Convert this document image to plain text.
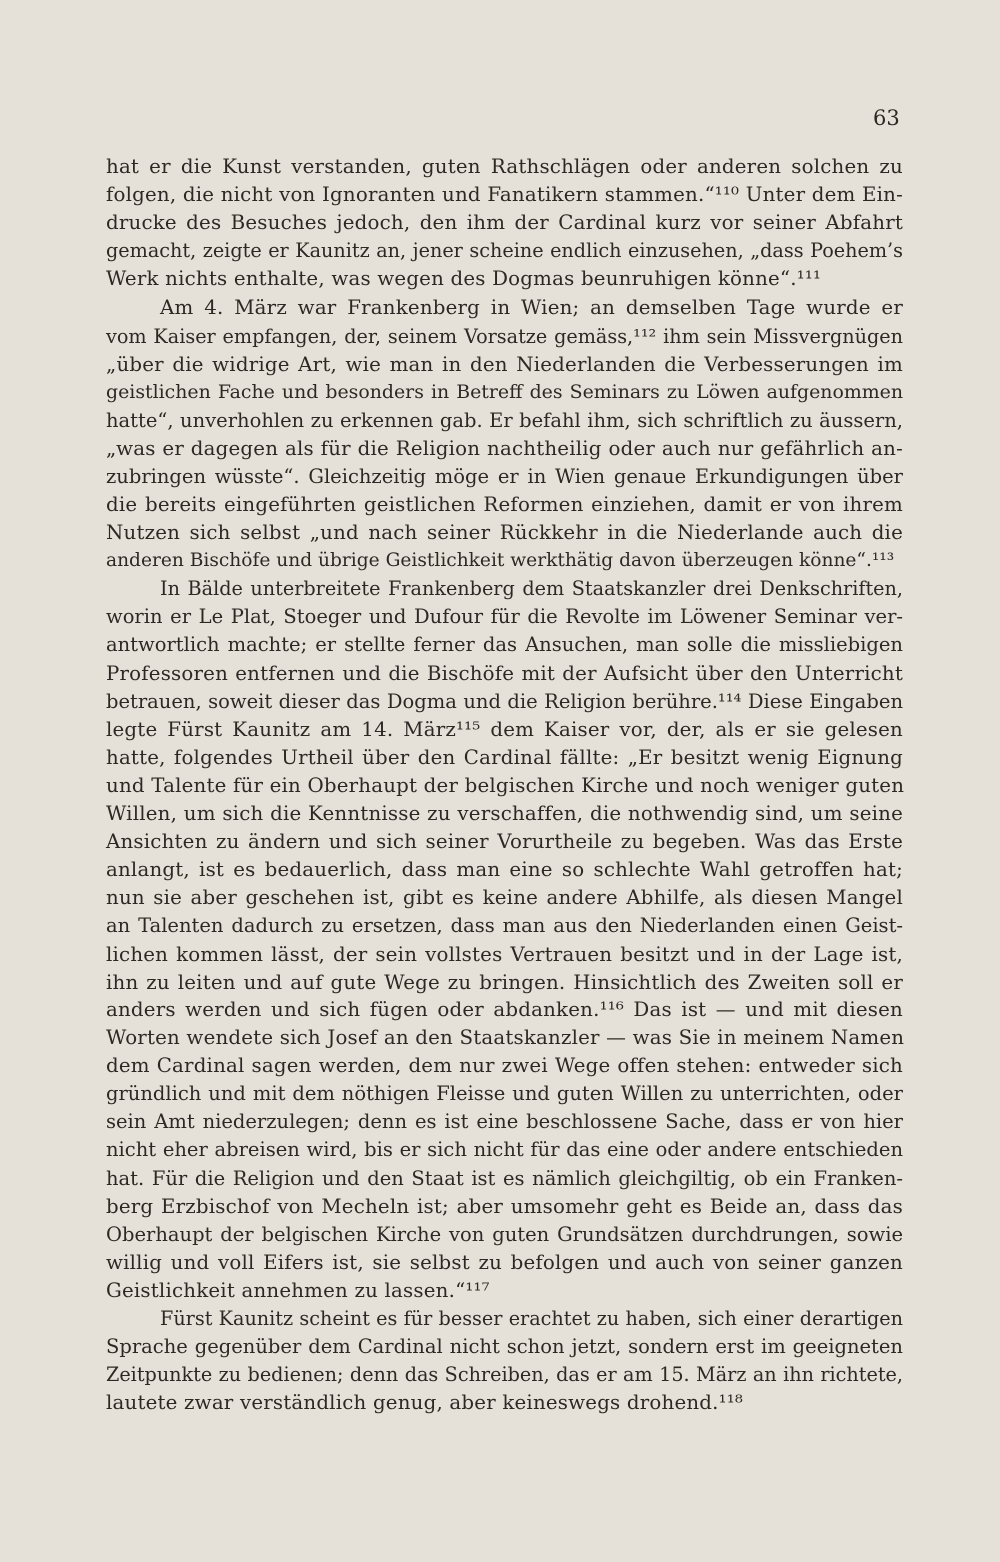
63
hat er die Kunst verstanden, guten Rathschlägen oder anderen solchen zu
folgen, die nicht von Ignoranten und Fanatikern stammen.“¹¹⁰ Unter dem Ein-
drucke des Besuches jedoch, den ihm der Cardinal kurz vor seiner Abfahrt
gemacht, zeigte er Kaunitz an, jener scheine endlich einzusehen, „dass Poehem’s
Werk nichts enthalte, was wegen des Dogmas beunruhigen könne“.¹¹¹
Am 4. März war Frankenberg in Wien; an demselben Tage wurde er
vom Kaiser empfangen, der, seinem Vorsatze gemäss,¹¹² ihm sein Missvergnügen
„über die widrige Art, wie man in den Niederlanden die Verbesserungen im
geistlichen Fache und besonders in Betreff des Seminars zu Löwen aufgenommen
hatte“, unverhohlen zu erkennen gab. Er befahl ihm, sich schriftlich zu äussern,
„was er dagegen als für die Religion nachtheilig oder auch nur gefährlich an-
zubringen wüsste“. Gleichzeitig möge er in Wien genaue Erkundigungen über
die bereits eingeführten geistlichen Reformen einziehen, damit er von ihrem
Nutzen sich selbst „und nach seiner Rückkehr in die Niederlande auch die
anderen Bischöfe und übrige Geistlichkeit werkthätig davon überzeugen könne“.¹¹³
In Bälde unterbreitete Frankenberg dem Staatskanzler drei Denkschriften,
worin er Le Plat, Stoeger und Dufour für die Revolte im Löwener Seminar ver-
antwortlich machte; er stellte ferner das Ansuchen, man solle die missliebigen
Professoren entfernen und die Bischöfe mit der Aufsicht über den Unterricht
betrauen, soweit dieser das Dogma und die Religion berühre.¹¹⁴ Diese Eingaben
legte Fürst Kaunitz am 14. März¹¹⁵ dem Kaiser vor, der, als er sie gelesen
hatte, folgendes Urtheil über den Cardinal fällte: „Er besitzt wenig Eignung
und Talente für ein Oberhaupt der belgischen Kirche und noch weniger guten
Willen, um sich die Kenntnisse zu verschaffen, die nothwendig sind, um seine
Ansichten zu ändern und sich seiner Vorurtheile zu begeben. Was das Erste
anlangt, ist es bedauerlich, dass man eine so schlechte Wahl getroffen hat;
nun sie aber geschehen ist, gibt es keine andere Abhilfe, als diesen Mangel
an Talenten dadurch zu ersetzen, dass man aus den Niederlanden einen Geist-
lichen kommen lässt, der sein vollstes Vertrauen besitzt und in der Lage ist,
ihn zu leiten und auf gute Wege zu bringen. Hinsichtlich des Zweiten soll er
anders werden und sich fügen oder abdanken.¹¹⁶ Das ist — und mit diesen
Worten wendete sich Josef an den Staatskanzler — was Sie in meinem Namen
dem Cardinal sagen werden, dem nur zwei Wege offen stehen: entweder sich
gründlich und mit dem nöthigen Fleisse und guten Willen zu unterrichten, oder
sein Amt niederzulegen; denn es ist eine beschlossene Sache, dass er von hier
nicht eher abreisen wird, bis er sich nicht für das eine oder andere entschieden
hat. Für die Religion und den Staat ist es nämlich gleichgiltig, ob ein Franken-
berg Erzbischof von Mecheln ist; aber umsomehr geht es Beide an, dass das
Oberhaupt der belgischen Kirche von guten Grundsätzen durchdrungen, sowie
willig und voll Eifers ist, sie selbst zu befolgen und auch von seiner ganzen
Geistlichkeit annehmen zu lassen.“¹¹⁷
Fürst Kaunitz scheint es für besser erachtet zu haben, sich einer derartigen
Sprache gegenüber dem Cardinal nicht schon jetzt, sondern erst im geeigneten
Zeitpunkte zu bedienen; denn das Schreiben, das er am 15. März an ihn richtete,
lautete zwar verständlich genug, aber keineswegs drohend.¹¹⁸
